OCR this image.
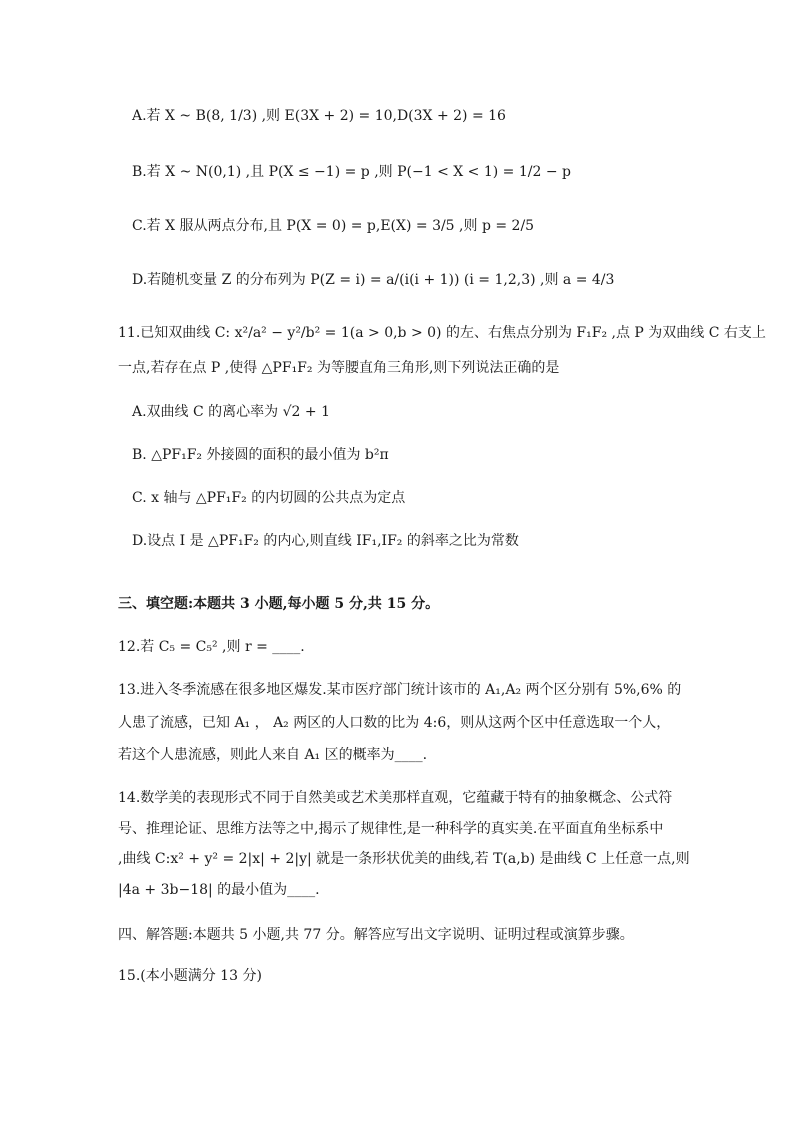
A.若 X ~ B(8, 1/3) ,则 E(3X + 2) = 10,D(3X + 2) = 16
B.若 X ~ N(0,1) ,且 P(X ≤ −1) = p ,则 P(−1 < X < 1) = 1/2 − p
C.若 X 服从两点分布,且 P(X = 0) = p,E(X) = 3/5 ,则 p = 2/5
D.若随机变量 Z 的分布列为 P(Z = i) = a/(i(i + 1)) (i = 1,2,3) ,则 a = 4/3
11.已知双曲线 C: x²/a² − y²/b² = 1(a > 0,b > 0) 的左、右焦点分别为 F₁F₂ ,点 P 为双曲线 C 右支上
一点,若存在点 P ,使得 △PF₁F₂ 为等腰直角三角形,则下列说法正确的是
A.双曲线 C 的离心率为 √2 + 1
B. △PF₁F₂ 外接圆的面积的最小值为 b²π
C. x 轴与 △PF₁F₂ 的内切圆的公共点为定点
D.设点 I 是 △PF₁F₂ 的内心,则直线 IF₁,IF₂ 的斜率之比为常数
三、填空题:本题共 3 小题,每小题 5 分,共 15 分。
12.若 C₅ = C₅² ,则 r = ____.
13.进入冬季流感在很多地区爆发.某市医疗部门统计该市的 A₁,A₂ 两个区分别有 5%,6% 的
人患了流感，已知 A₁ ， A₂ 两区的人口数的比为 4:6，则从这两个区中任意选取一个人，
若这个人患流感，则此人来自 A₁ 区的概率为____.
14.数学美的表现形式不同于自然美或艺术美那样直观，它蕴藏于特有的抽象概念、公式符
号、推理论证、思维方法等之中,揭示了规律性,是一种科学的真实美.在平面直角坐标系中
,曲线 C:x² + y² = 2|x| + 2|y| 就是一条形状优美的曲线,若 T(a,b) 是曲线 C 上任意一点,则
|4a + 3b−18| 的最小值为____.
四、解答题:本题共 5 小题,共 77 分。解答应写出文字说明、证明过程或演算步骤。
15.(本小题满分 13 分)
